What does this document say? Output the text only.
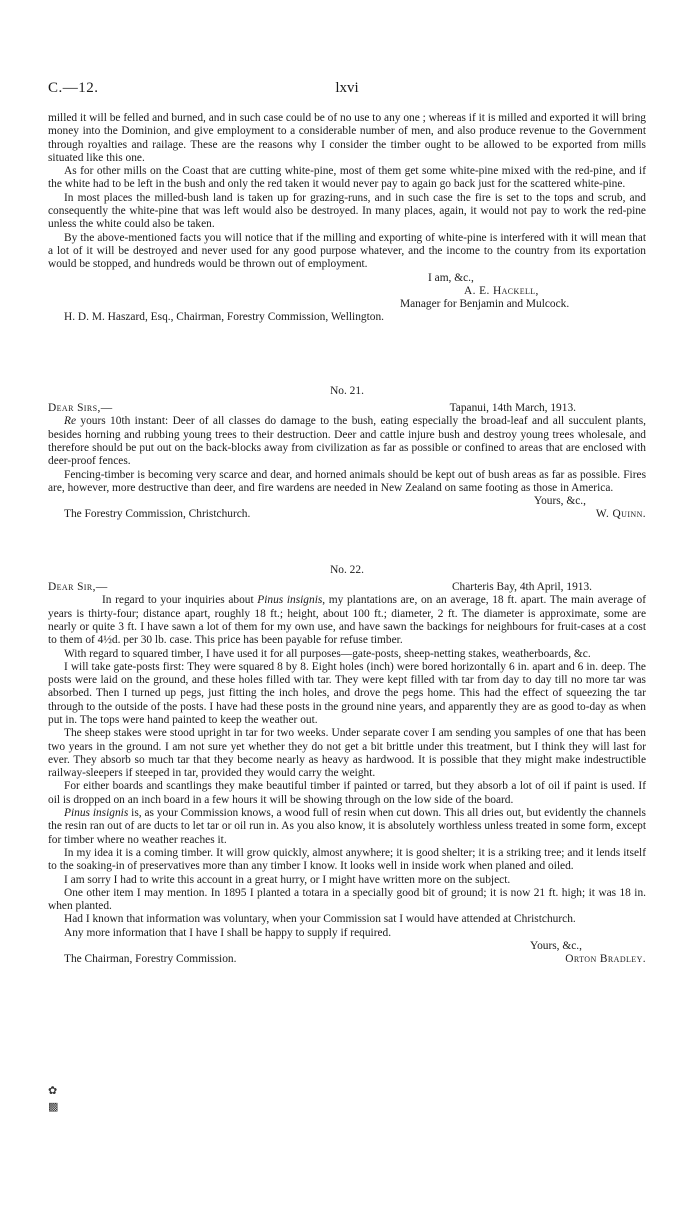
C.—12.	lxvi

milled it will be felled and burned, and in such case could be of no use to any one ; whereas if it is milled and exported it will bring money into the Dominion, and give employment to a considerable number of men, and also produce revenue to the Government through royalties and railage. These are the reasons why I consider the timber ought to be allowed to be exported from mills situated like this one.

As for other mills on the Coast that are cutting white-pine, most of them get some white-pine mixed with the red-pine, and if the white had to be left in the bush and only the red taken it would never pay to again go back just for the scattered white-pine.

In most places the milled-bush land is taken up for grazing-runs, and in such case the fire is set to the tops and scrub, and consequently the white-pine that was left would also be destroyed. In many places, again, it would not pay to work the red-pine unless the white could also be taken.

By the above-mentioned facts you will notice that if the milling and exporting of white-pine is interfered with it will mean that a lot of it will be destroyed and never used for any good purpose whatever, and the income to the country from its exportation would be stopped, and hundreds would be thrown out of employment.

I am, &c.,

A. E. Hackell,

Manager for Benjamin and Mulcock.

H. D. M. Haszard, Esq., Chairman, Forestry Commission, Wellington.

No. 21.

Dear Sirs,—	Tapanui, 14th March, 1913.

Re yours 10th instant: Deer of all classes do damage to the bush, eating especially the broad-leaf and all succulent plants, besides horning and rubbing young trees to their destruction. Deer and cattle injure bush and destroy young trees wholesale, and therefore should be put out on the back-blocks away from civilization as far as possible or confined to areas that are enclosed with deer-proof fences.

Fencing-timber is becoming very scarce and dear, and horned animals should be kept out of bush areas as far as possible. Fires are, however, more destructive than deer, and fire wardens are needed in New Zealand on same footing as those in America.

Yours, &c.,

The Forestry Commission, Christchurch.	W. Quinn.

No. 22.

Dear Sir,—	Charteris Bay, 4th April, 1913.

In regard to your inquiries about Pinus insignis, my plantations are, on an average, 18 ft. apart. The main average of years is thirty-four; distance apart, roughly 18 ft.; height, about 100 ft.; diameter, 2 ft. The diameter is approximate, some are nearly or quite 3 ft. I have sawn a lot of them for my own use, and have sawn the backings for neighbours for fruit-cases at a cost to them of 4½d. per 30 lb. case. This price has been payable for refuse timber.

With regard to squared timber, I have used it for all purposes—gate-posts, sheep-netting stakes, weatherboards, &c.

I will take gate-posts first: They were squared 8 by 8. Eight holes (inch) were bored horizontally 6 in. apart and 6 in. deep. The posts were laid on the ground, and these holes filled with tar. They were kept filled with tar from day to day till no more tar was absorbed. Then I turned up pegs, just fitting the inch holes, and drove the pegs home. This had the effect of squeezing the tar through to the outside of the posts. I have had these posts in the ground nine years, and apparently they are as good to-day as when put in. The tops were hand painted to keep the weather out.

The sheep stakes were stood upright in tar for two weeks. Under separate cover I am sending you samples of one that has been two years in the ground. I am not sure yet whether they do not get a bit brittle under this treatment, but I think they will last for ever. They absorb so much tar that they become nearly as heavy as hardwood. It is possible that they might make indestructible railway-sleepers if steeped in tar, provided they would carry the weight.

For either boards and scantlings they make beautiful timber if painted or tarred, but they absorb a lot of oil if paint is used. If oil is dropped on an inch board in a few hours it will be showing through on the low side of the board.

Pinus insignis is, as your Commission knows, a wood full of resin when cut down. This all dries out, but evidently the channels the resin ran out of are ducts to let tar or oil run in. As you also know, it is absolutely worthless unless treated in some form, except for timber where no weather reaches it.

In my idea it is a coming timber. It will grow quickly, almost anywhere; it is good shelter; it is a striking tree; and it lends itself to the soaking-in of preservatives more than any timber I know. It looks well in inside work when planed and oiled.

I am sorry I had to write this account in a great hurry, or I might have written more on the subject.

One other item I may mention. In 1895 I planted a totara in a specially good bit of ground; it is now 21 ft. high; it was 18 in. when planted.

Had I known that information was voluntary, when your Commission sat I would have attended at Christchurch.

Any more information that I have I shall be happy to supply if required.

Yours, &c.,

The Chairman, Forestry Commission.	Orton Bradley.
✿
▩
